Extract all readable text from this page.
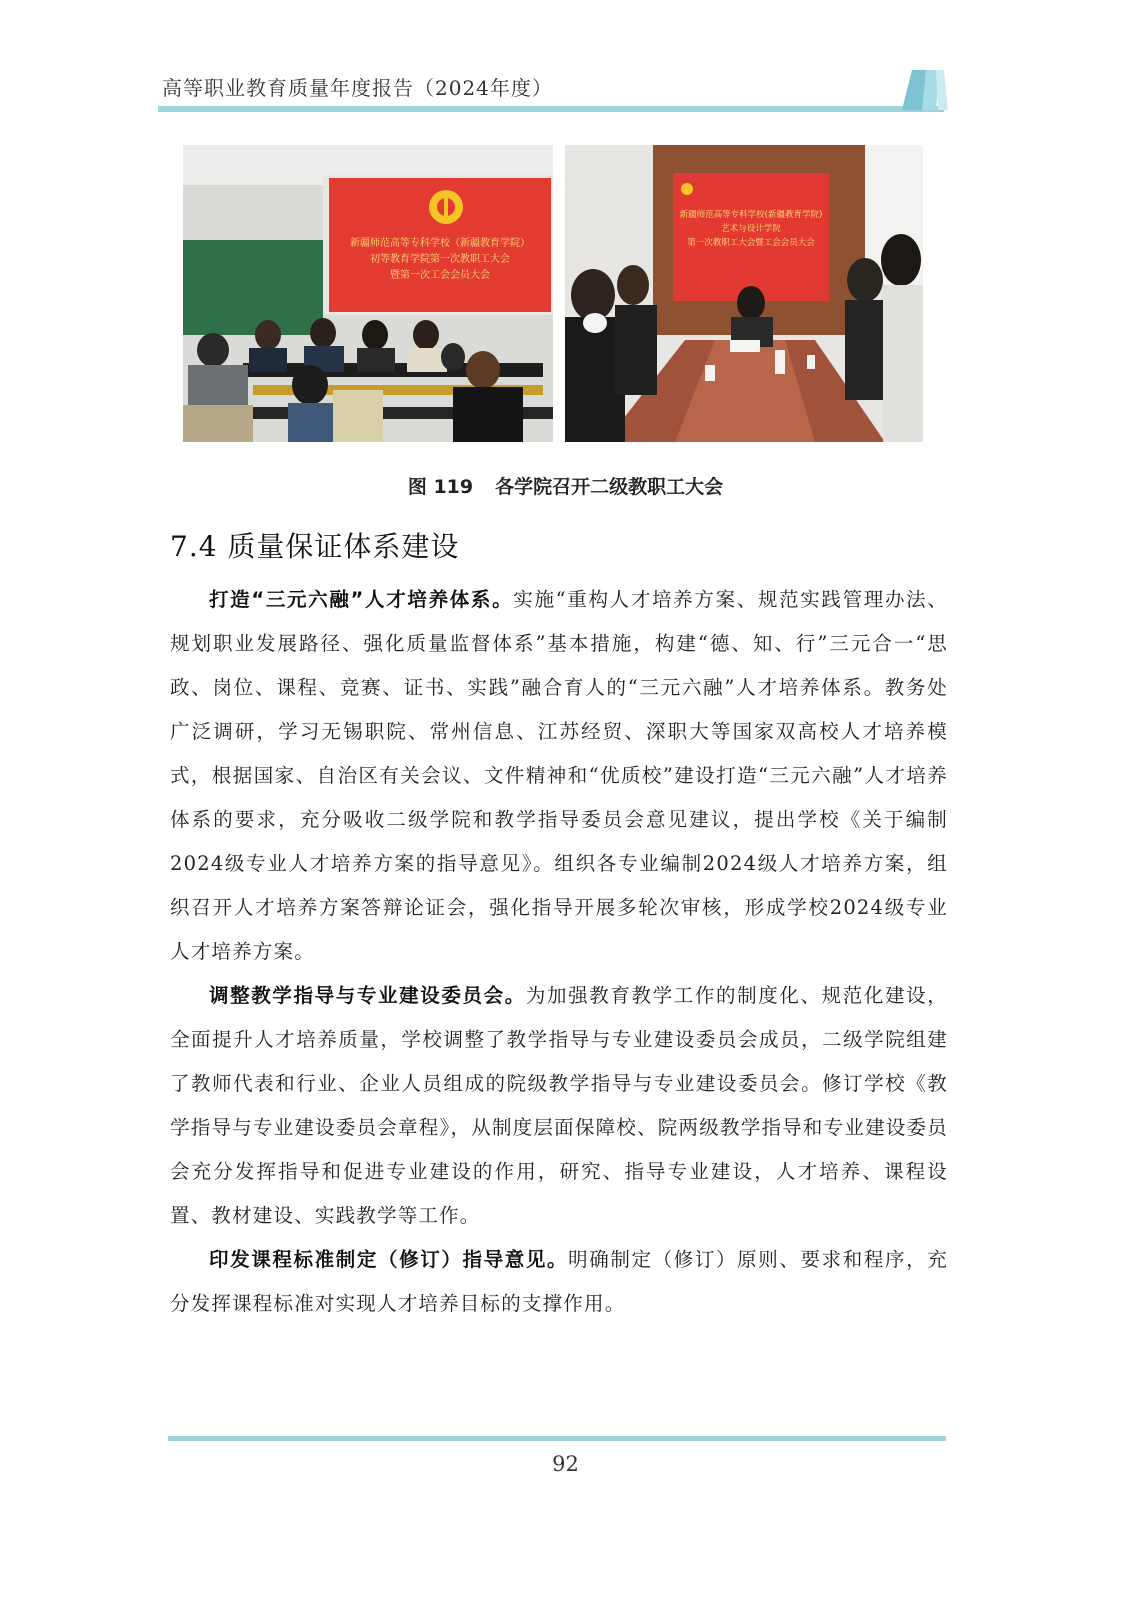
高等职业教育质量年度报告（2024年度）
新疆师范高等专科学校（新疆教育学院）
初等教育学院第一次教职工大会
暨第一次工会会员大会
新疆师范高等专科学校(新疆教育学院)
艺术与设计学院
第一次教职工大会暨工会会员大会
图 119 各学院召开二级教职工大会
7.4 质量保证体系建设

打造“三元六融”人才培养体系。实施“重构人才培养方案、规范实践管理办法、规划职业发展路径、强化质量监督体系”基本措施，构建“德、知、行”三元合一“思政、岗位、课程、竞赛、证书、实践”融合育人的“三元六融”人才培养体系。教务处广泛调研，学习无锡职院、常州信息、江苏经贸、深职大等国家双高校人才培养模式，根据国家、自治区有关会议、文件精神和“优质校”建设打造“三元六融”人才培养体系的要求，充分吸收二级学院和教学指导委员会意见建议，提出学校《关于编制2024级专业人才培养方案的指导意见》。组织各专业编制2024级人才培养方案，组织召开人才培养方案答辩论证会，强化指导开展多轮次审核，形成学校2024级专业人才培养方案。

调整教学指导与专业建设委员会。为加强教育教学工作的制度化、规范化建设，全面提升人才培养质量，学校调整了教学指导与专业建设委员会成员，二级学院组建了教师代表和行业、企业人员组成的院级教学指导与专业建设委员会。修订学校《教学指导与专业建设委员会章程》，从制度层面保障校、院两级教学指导和专业建设委员会充分发挥指导和促进专业建设的作用，研究、指导专业建设，人才培养、课程设置、教材建设、实践教学等工作。

印发课程标准制定（修订）指导意见。明确制定（修订）原则、要求和程序，充分发挥课程标准对实现人才培养目标的支撑作用。

92
